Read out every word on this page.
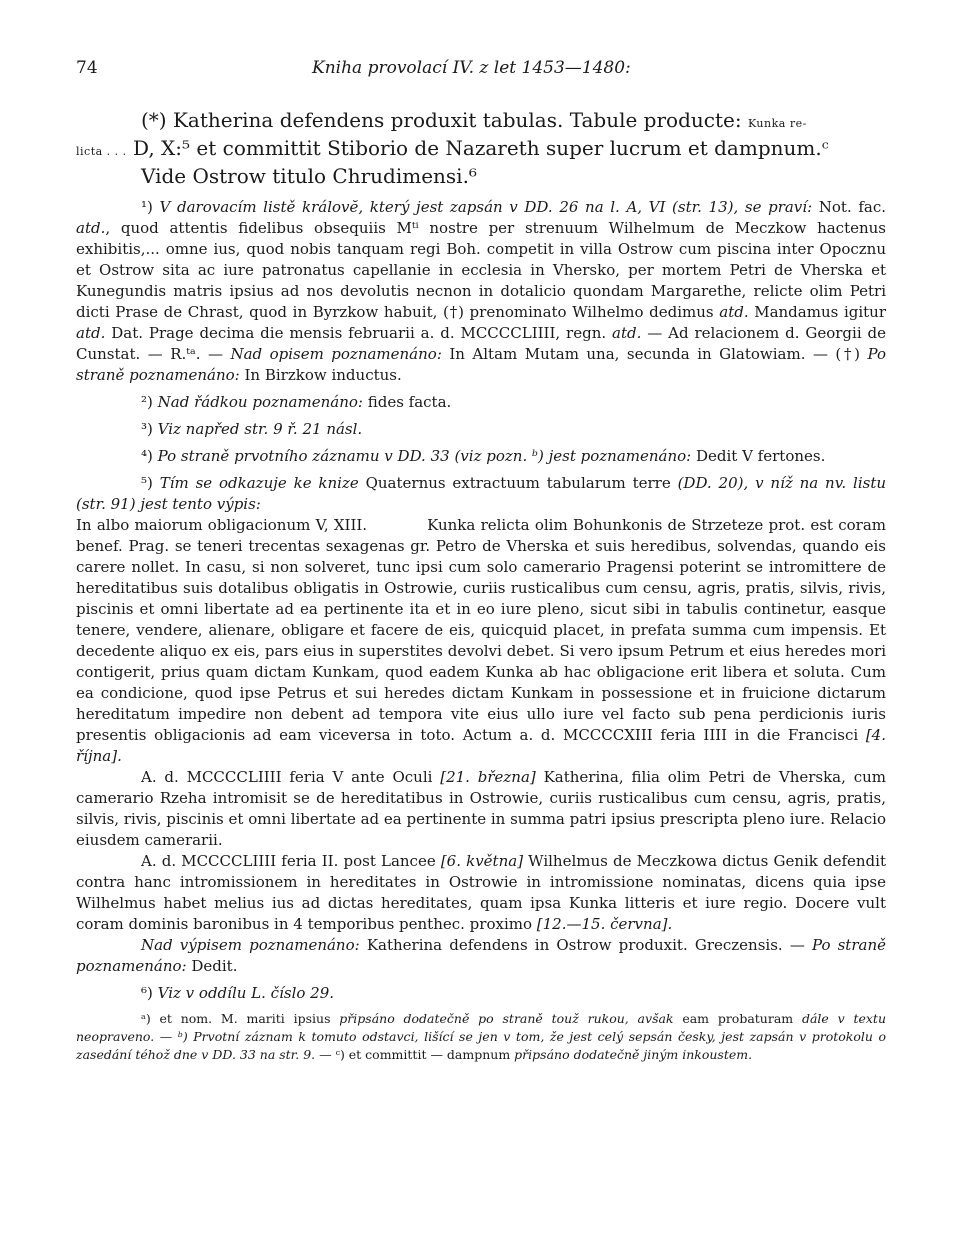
74	Kniha provolací IV. z let 1453—1480:
(*) Katherina defendens produxit tabulas. Tabule producte: Kunka re-
licta . . . D, X:⁵ et committit Stiborio de Nazareth super lucrum et dampnum.ᶜ
Vide Ostrow titulo Chrudimensi.⁶

¹) V darovacím listě královĕ, který jest zapsán v DD. 26 na l. A, VI (str. 13), se praví: Not. fac. atd., quod attentis fidelibus obsequiis Mᵗⁱ nostre per strenuum Wilhelmum de Meczkow hactenus exhibitis,... omne ius, quod nobis tanquam regi Boh. competit in villa Ostrow cum piscina inter Opocznu et Ostrow sita ac iure patronatus capellanie in ecclesia in Vhersko, per mortem Petri de Vherska et Kunegundis matris ipsius ad nos devolutis necnon in dotalicio quondam Margarethe, relicte olim Petri dicti Prase de Chrast, quod in Byrzkow habuit, (†) prenominato Wilhelmo dedimus atd. Mandamus igitur atd. Dat. Prage decima die mensis februarii a. d. MCCCCLIIII, regn. atd. — Ad relacionem d. Georgii de Cunstat. — R.ᵗᵃ. — Nad opisem poznamenáno: In Altam Mutam una, secunda in Glatowiam. — (†) Po straně poznamenáno: In Birzkow inductus.

²) Nad řádkou poznamenáno: fides facta.

³) Viz napřed str. 9 ř. 21 násl.

⁴) Po straně prvotního záznamu v DD. 33 (viz pozn. ᵇ) jest poznamenáno: Dedit V fertones.

⁵) Tím se odkazuje ke knize Quaternus extractuum tabularum terre (DD. 20), v níž na nv. listu (str. 91) jest tento výpis:

In albo maiorum obligacionum V, XIII.	Kunka relicta olim Bohunkonis de Strzeteze prot. est coram benef. Prag. se teneri trecentas sexagenas gr. Petro de Vherska et suis heredibus, solvendas, quando eis carere nollet. In casu, si non solveret, tunc ipsi cum solo camerario Pragensi poterint se intromittere de hereditatibus suis dotalibus obligatis in Ostrowie, curiis rusticalibus cum censu, agris, pratis, silvis, rivis, piscinis et omni libertate ad ea pertinente ita et in eo iure pleno, sicut sibi in tabulis continetur, easque tenere, vendere, alienare, obligare et facere de eis, quicquid placet, in prefata summa cum impensis. Et decedente aliquo ex eis, pars eius in superstites devolvi debet. Si vero ipsum Petrum et eius heredes mori contigerit, prius quam dictam Kunkam, quod eadem Kunka ab hac obligacione erit libera et soluta. Cum ea condicione, quod ipse Petrus et sui heredes dictam Kunkam in possessione et in fruicione dictarum hereditatum impedire non debent ad tempora vite eius ullo iure vel facto sub pena perdicionis iuris presentis obligacionis ad eam viceversa in toto. Actum a. d. MCCCCXIII feria IIII in die Francisci [4. října].

A. d. MCCCCLIIII feria V ante Oculi [21. března] Katherina, filia olim Petri de Vherska, cum camerario Rzeha intromisit se de hereditatibus in Ostrowie, curiis rusticalibus cum censu, agris, pratis, silvis, rivis, piscinis et omni libertate ad ea pertinente in summa patri ipsius prescripta pleno iure. Relacio eiusdem camerarii.

A. d. MCCCCLIIII feria II. post Lancee [6. května] Wilhelmus de Meczkowa dictus Genik defendit contra hanc intromissionem in hereditates in Ostrowie in intromissione nominatas, dicens quia ipse Wilhelmus habet melius ius ad dictas hereditates, quam ipsa Kunka litteris et iure regio. Docere vult coram dominis baronibus in 4 temporibus penthec. proximo [12.—15. června].

Nad výpisem poznamenáno: Katherina defendens in Ostrow produxit. Greczensis. — Po straně poznamenáno: Dedit.

⁶) Viz v oddílu L. číslo 29.

ᵃ) et nom. M. mariti ipsius připsáno dodatečně po straně touž rukou, avšak eam probaturam dále v textu neopraveno. — ᵇ) Prvotní záznam k tomuto odstavci, lišící se jen v tom, že jest celý sepsán česky, jest zapsán v protokolu o zasedání téhož dne v DD. 33 na str. 9. — ᶜ) et committit — dampnum připsáno dodatečně jiným inkoustem.
